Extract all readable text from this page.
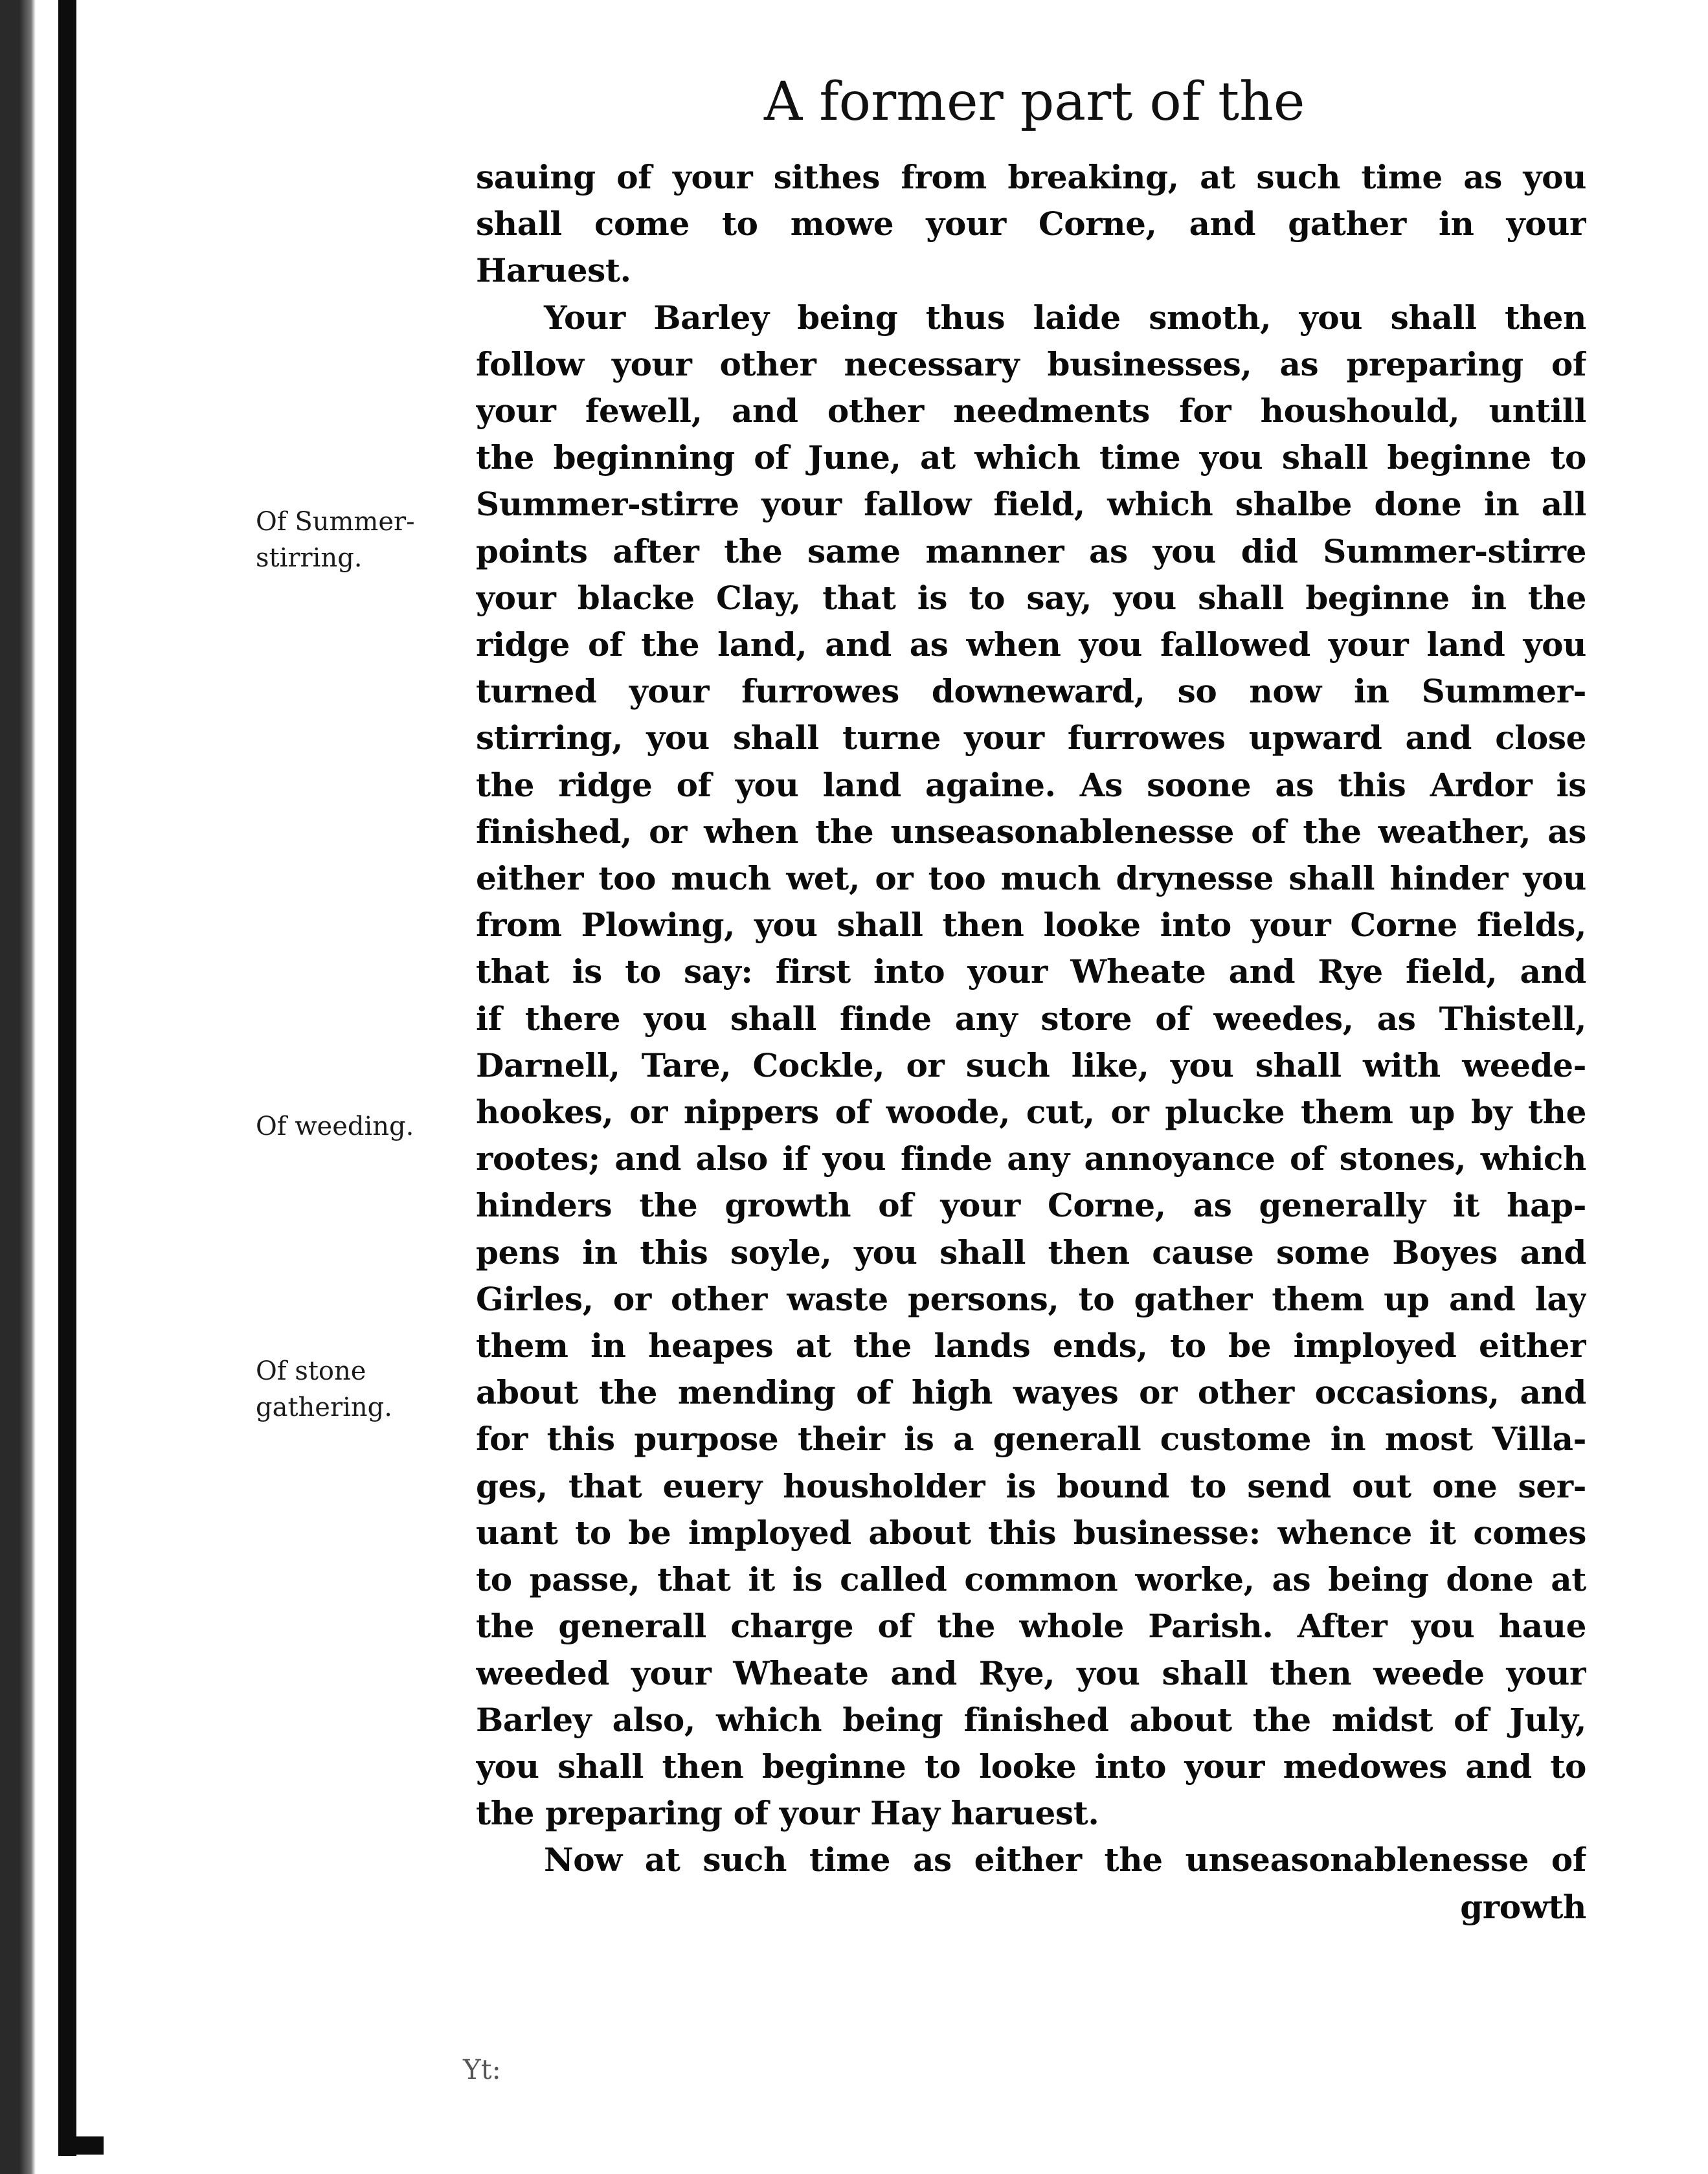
A former part of the
Of Summer-
stirring.
Of weeding.
Of stone
gathering.
sauing of your sithes from breaking, at such time as you
shall come to mowe your Corne, and gather in your
Haruest.
Your Barley being thus laide smoth, you shall then
follow your other necessary businesses, as preparing of
your fewell, and other needments for houshould, untill
the beginning of June, at which time you shall beginne to
Summer-stirre your fallow field, which shalbe done in all
points after the same manner as you did Summer-stirre
your blacke Clay, that is to say, you shall beginne in the
ridge of the land, and as when you fallowed your land you
turned your furrowes downeward, so now in Summer-
stirring, you shall turne your furrowes upward and close
the ridge of you land againe. As soone as this Ardor is
finished, or when the unseasonablenesse of the weather, as
either too much wet, or too much drynesse shall hinder you
from Plowing, you shall then looke into your Corne fields,
that is to say: first into your Wheate and Rye field, and
if there you shall finde any store of weedes, as Thistell,
Darnell, Tare, Cockle, or such like, you shall with weede-
hookes, or nippers of woode, cut, or plucke them up by the
rootes; and also if you finde any annoyance of stones, which
hinders the growth of your Corne, as generally it hap-
pens in this soyle, you shall then cause some Boyes and
Girles, or other waste persons, to gather them up and lay
them in heapes at the lands ends, to be imployed either
about the mending of high wayes or other occasions, and
for this purpose their is a generall custome in most Villa-
ges, that euery housholder is bound to send out one ser-
uant to be imployed about this businesse: whence it comes
to passe, that it is called common worke, as being done at
the generall charge of the whole Parish. After you haue
weeded your Wheate and Rye, you shall then weede your
Barley also, which being finished about the midst of July,
you shall then beginne to looke into your medowes and to
the preparing of your Hay haruest.
Now at such time as either the unseasonablenesse of
growth
Yt:
